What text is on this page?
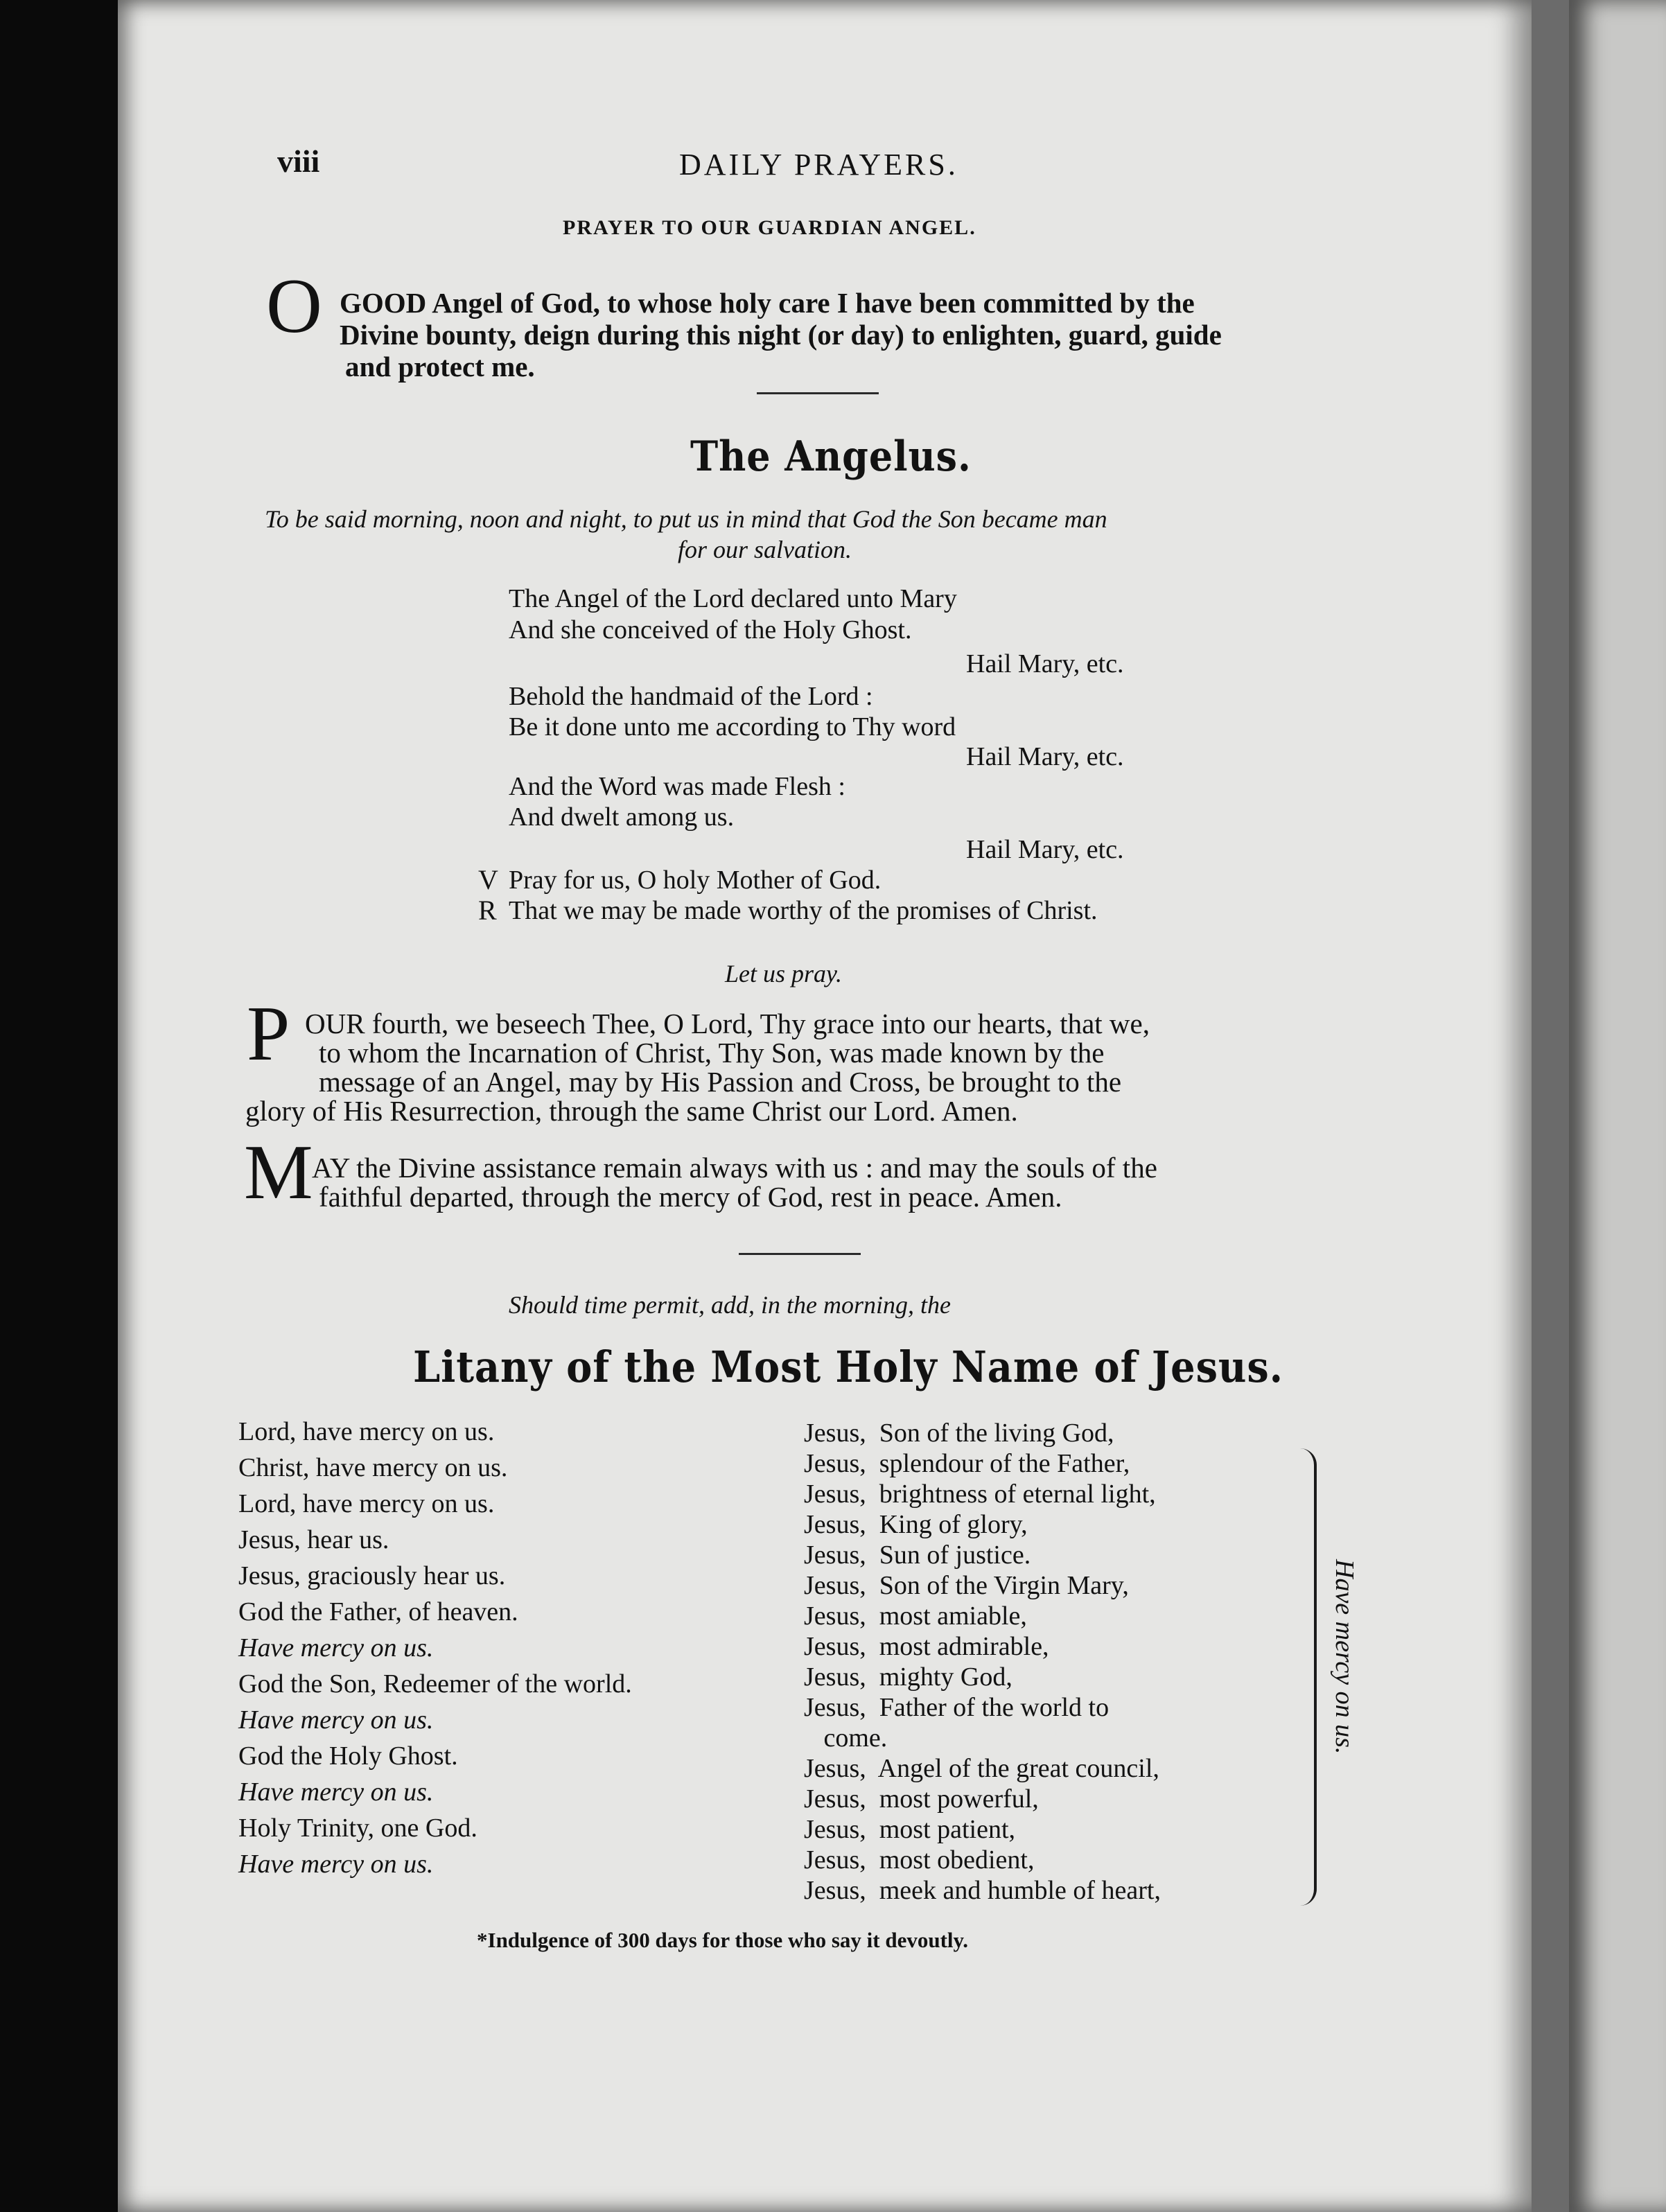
viii	DAILY PRAYERS.
PRAYER TO OUR GUARDIAN ANGEL.
O GOOD Angel of God, to whose holy care I have been committed by the
Divine bounty, deign during this night (or day) to enlighten, guard, guide
and protect me.
The Angelus.
To be said morning, noon and night, to put us in mind that God the Son became man
for our salvation.
The Angel of the Lord declared unto Mary
And she conceived of the Holy Ghost.
Hail Mary, etc.
Behold the handmaid of the Lord :
Be it done unto me according to Thy word
Hail Mary, etc.
And the Word was made Flesh :
And dwelt among us.
Hail Mary, etc.
V Pray for us, O holy Mother of God.
R That we may be made worthy of the promises of Christ.
Let us pray.
P OUR fourth, we beseech Thee, O Lord, Thy grace into our hearts, that we,
to whom the Incarnation of Christ, Thy Son, was made known by the
message of an Angel, may by His Passion and Cross, be brought to the
glory of His Resurrection, through the same Christ our Lord. Amen.
M
AY the Divine assistance remain always with us : and may the souls of the
faithful departed, through the mercy of God, rest in peace. Amen.
Should time permit, add, in the morning, the
Litany of the Most Holy Name of Jesus.
Lord, have mercy on us.
Christ, have mercy on us.
Lord, have mercy on us.
Jesus, hear us.
Jesus, graciously hear us.
God the Father, of heaven.
Have mercy on us.
God the Son, Redeemer of the world.
Have mercy on us.
God the Holy Ghost.
Have mercy on us.
Holy Trinity, one God.
Have mercy on us.
Jesus,  Son of the living God,
Jesus,  splendour of the Father,
Jesus,  brightness of eternal light,
Jesus,  King of glory,
Jesus,  Sun of justice.
Jesus,  Son of the Virgin Mary,
Jesus,  most amiable,
Jesus,  most admirable,
Jesus,  mighty God,
Jesus,  Father of the world to
come.
Jesus,  Angel of the great council,
Jesus,  most powerful,
Jesus,  most patient,
Jesus,  most obedient,
Jesus,  meek and humble of heart,
Have mercy on us.
*Indulgence of 300 days for those who say it devoutly.
